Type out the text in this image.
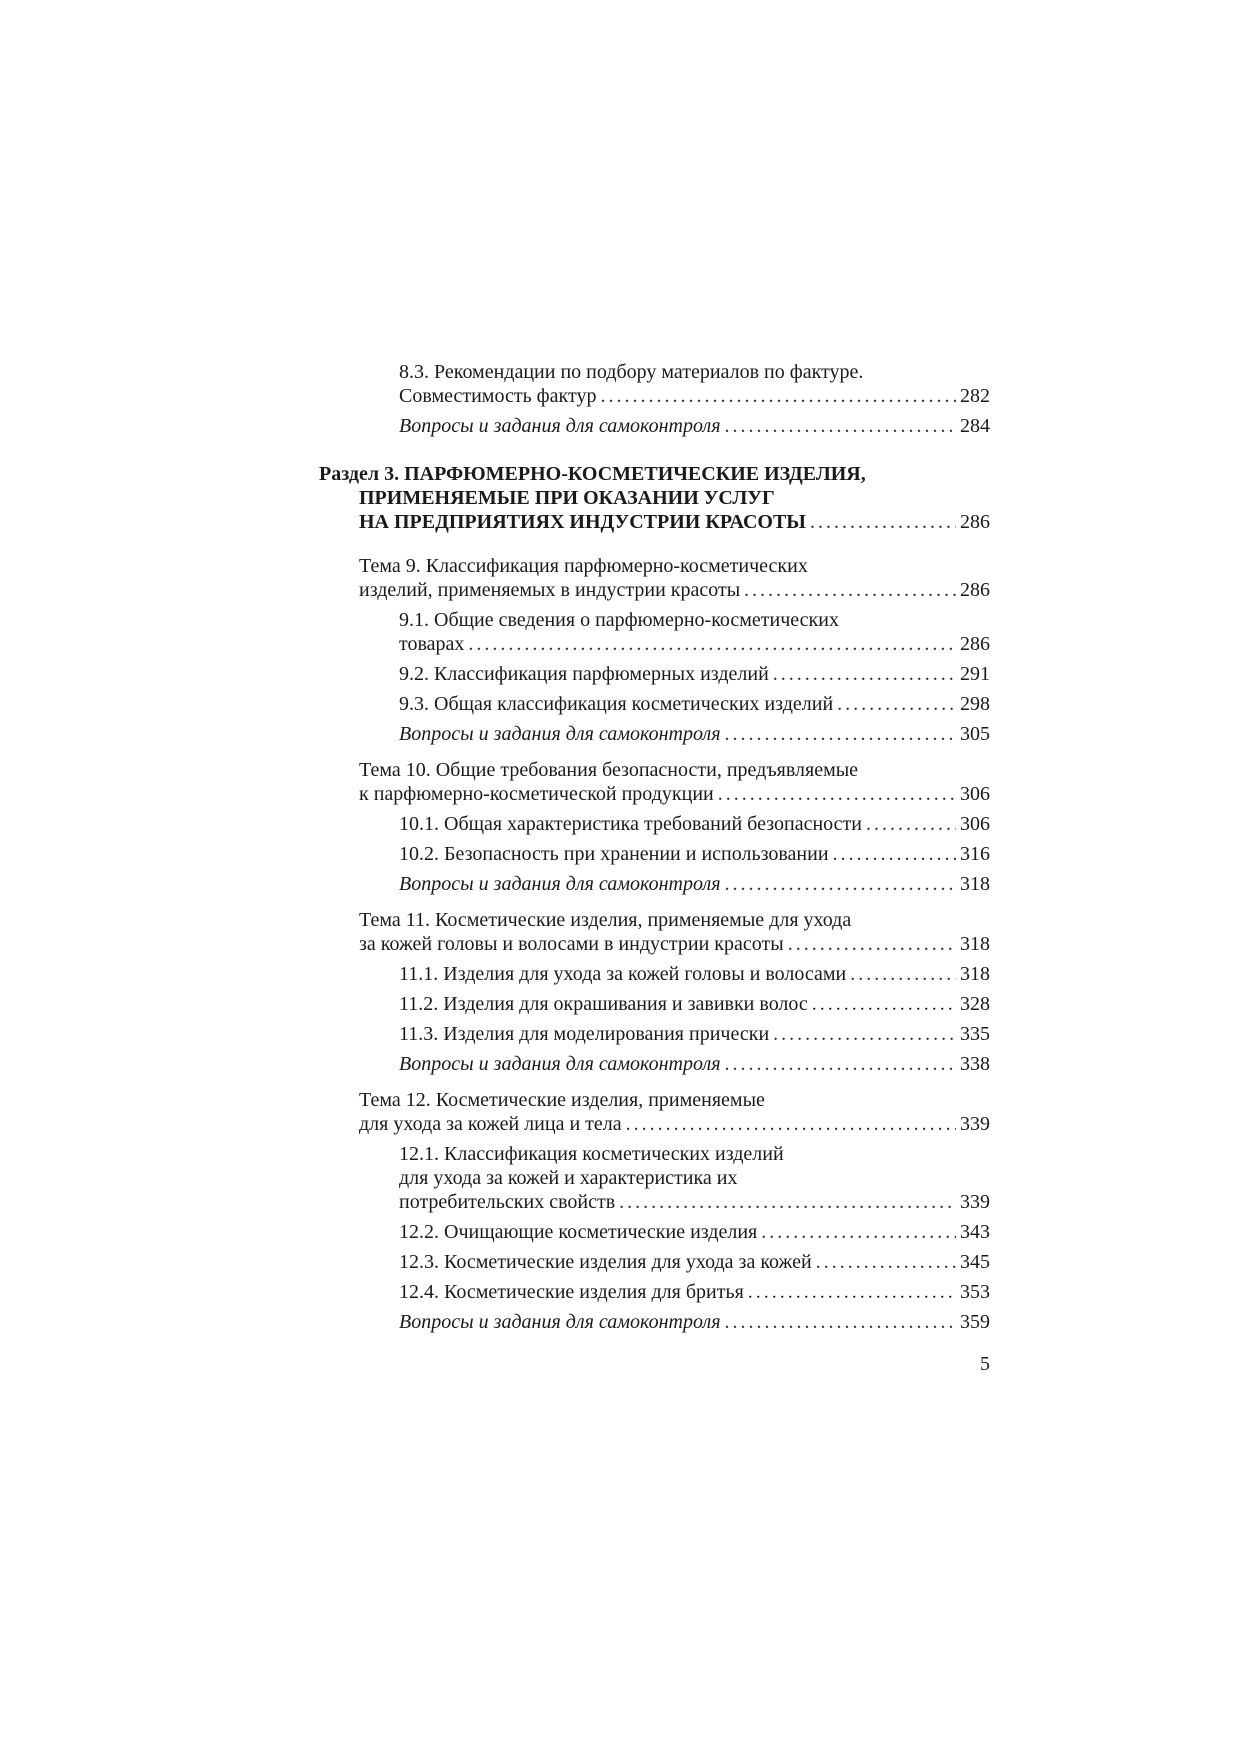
8.3. Рекомендации по подбору материалов по фактуре.
Совместимость фактур . . .	282
Вопросы и задания для самоконтроля . . .	284
Раздел 3. ПАРФЮМЕРНО-КОСМЕТИЧЕСКИЕ ИЗДЕЛИЯ,
ПРИМЕНЯЕМЫЕ ПРИ ОКАЗАНИИ УСЛУГ
НА ПРЕДПРИЯТИЯХ ИНДУСТРИИ КРАСОТЫ . . .	286
Тема 9. Классификация парфюмерно-косметических
изделий, применяемых в индустрии красоты . . .	286
9.1. Общие сведения о парфюмерно-косметических
товарах . . .	286
9.2. Классификация парфюмерных изделий . . .	291
9.3. Общая классификация косметических изделий . . .	298
Вопросы и задания для самоконтроля . . .	305
Тема 10. Общие требования безопасности, предъявляемые
к парфюмерно-косметической продукции . . .	306
10.1. Общая характеристика требований безопасности . . .	306
10.2. Безопасность при хранении и использовании . . .	316
Вопросы и задания для самоконтроля . . .	318
Тема 11. Косметические изделия, применяемые для ухода
за кожей головы и волосами в индустрии красоты . . .	318
11.1. Изделия для ухода за кожей головы и волосами . . .	318
11.2. Изделия для окрашивания и завивки волос . . .	328
11.3. Изделия для моделирования прически . . .	335
Вопросы и задания для самоконтроля . . .	338
Тема 12. Косметические изделия, применяемые
для ухода за кожей лица и тела . . .	339
12.1. Классификация косметических изделий
для ухода за кожей и характеристика их
потребительских свойств . . .	339
12.2. Очищающие косметические изделия . . .	343
12.3. Косметические изделия для ухода за кожей . . .	345
12.4. Косметические изделия для бритья . . .	353
Вопросы и задания для самоконтроля . . .	359
5
